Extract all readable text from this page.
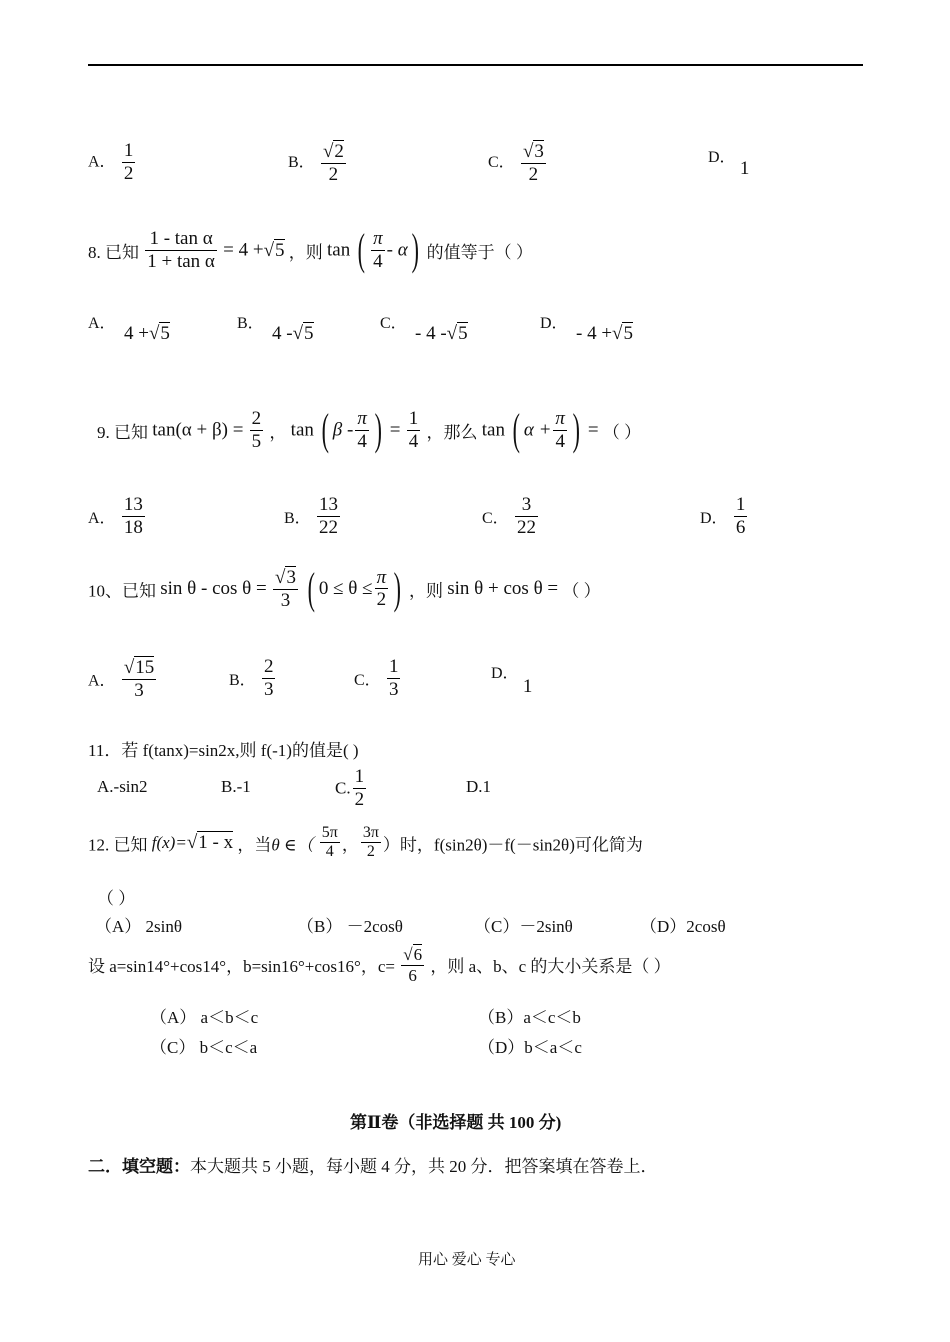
A． $\frac{1}{2}$	B． $\frac{√2}{2}$	C． $\frac{√3}{2}$	D． 1
8. 已知 $\frac{\text{1 - tan α}}{\text{1 + tan α}} = 4 +√5$ ，则 tan ( $\frac{\pi}{4} - \alpha$) 的值等于（ ）
A． 4 +√5	B． 4 -√5	C． - 4 -√5	D． - 4 +√5
9. 已知 $\tan(\alpha + \beta) = \frac{2}{5}$ ， tan ( β - $\frac{\pi}{4}$ ) = $\frac{1}{4}$ ，那么 tan ( $\alpha + \frac{\pi}{4}$ ) = （ ）
A． $\frac{13}{18}$	B． $\frac{13}{22}$	C． $\frac{3}{22}$	D． $\frac{1}{6}$
10、已知 $\sin \theta - \cos \theta = \frac{√3}{3}$ ( $0 \le \theta \le \frac{\pi}{2}$ ) ，则 sin θ + cos θ = （ ）
A． $\frac{√15}{3}$	B． $\frac{2}{3}$	C． $\frac{1}{3}$	D． 1
11．若 f(tanx)=sin2x,则 f(-1)的值是( )
A.-sin2	B.-1	C. $\frac{1}{2}$	D.1
12. 已知 f(x)=√1 - x ，当θ ∈（ $\frac{5\pi}{4}$ ， $\frac{3\pi}{2}$ ）时，f(sin2θ)－f(－sin2θ)可化简为
（ ）
（A） 2sinθ	（B） －2cosθ	（C）－2sinθ	（D）2cosθ
设 a=sin14°+cos14°，b=sin16°+cos16°，$c= \frac{√6}{6}$ ，则 a、b、c 的大小关系是（ ）
（A） a＜b＜c	（B）a＜c＜b
（C） b＜c＜a	（D）b＜a＜c
第Ⅱ卷（非选择题 共 100 分)
二．填空题：本大题共 5 小题，每小题 4 分，共 20 分．把答案填在答卷上．
用心 爱心 专心
